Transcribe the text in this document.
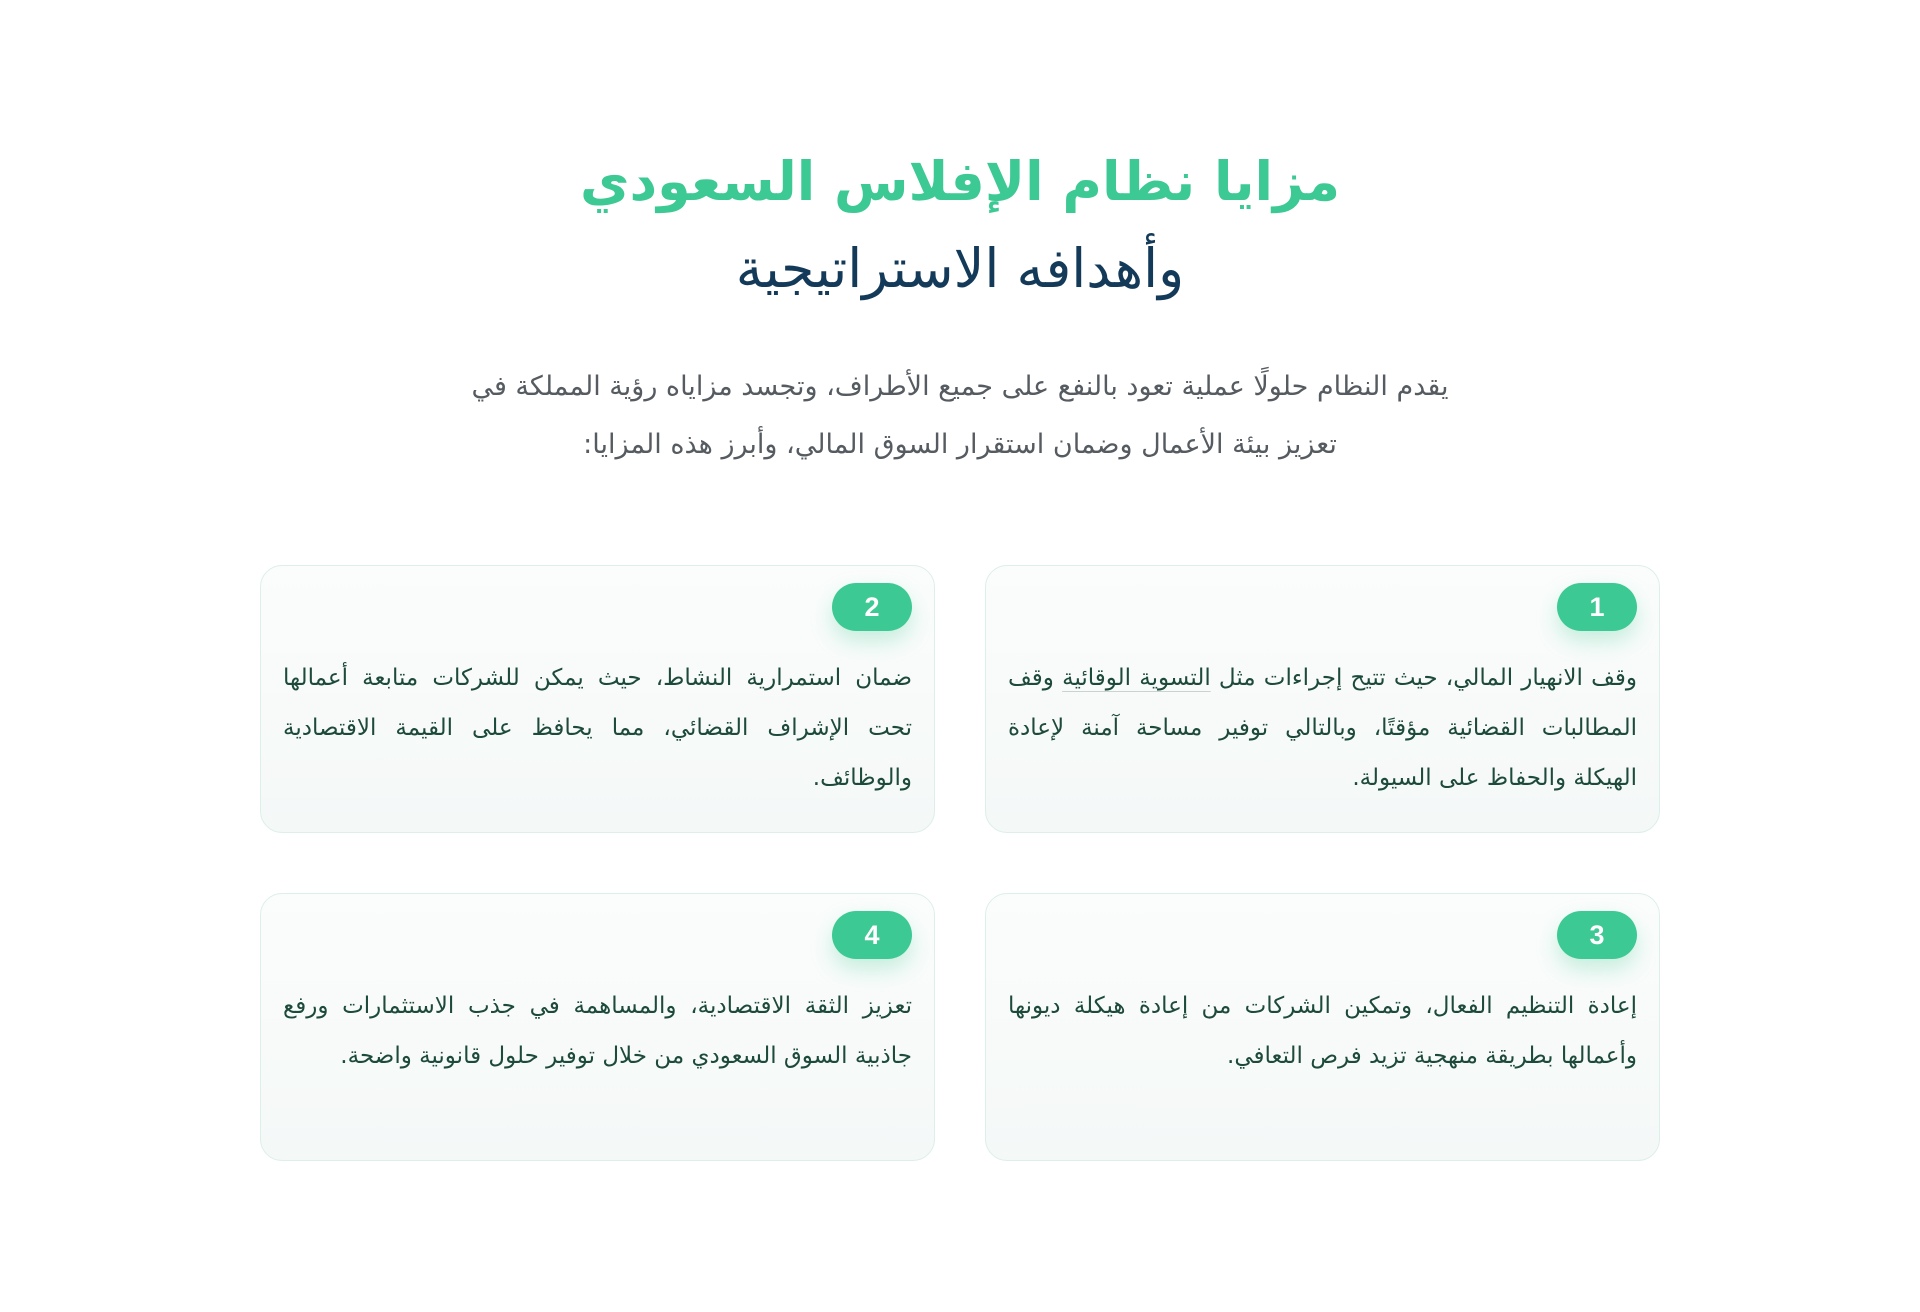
مزايا نظام الإفلاس السعودي
وأهدافه الاستراتيجية

يقدم النظام حلولًا عملية تعود بالنفع على جميع الأطراف، وتجسد مزاياه رؤية المملكة في تعزيز بيئة الأعمال وضمان استقرار السوق المالي، وأبرز هذه المزايا:

1

وقف الانهيار المالي، حيث تتيح إجراءات مثل التسوية الوقائية وقف المطالبات القضائية مؤقتًا، وبالتالي توفير مساحة آمنة لإعادة الهيكلة والحفاظ على السيولة.

2

ضمان استمرارية النشاط، حيث يمكن للشركات متابعة أعمالها تحت الإشراف القضائي، مما يحافظ على القيمة الاقتصادية والوظائف.

3

إعادة التنظيم الفعال، وتمكين الشركات من إعادة هيكلة ديونها وأعمالها بطريقة منهجية تزيد فرص التعافي.

4

تعزيز الثقة الاقتصادية، والمساهمة في جذب الاستثمارات ورفع جاذبية السوق السعودي من خلال توفير حلول قانونية واضحة.
